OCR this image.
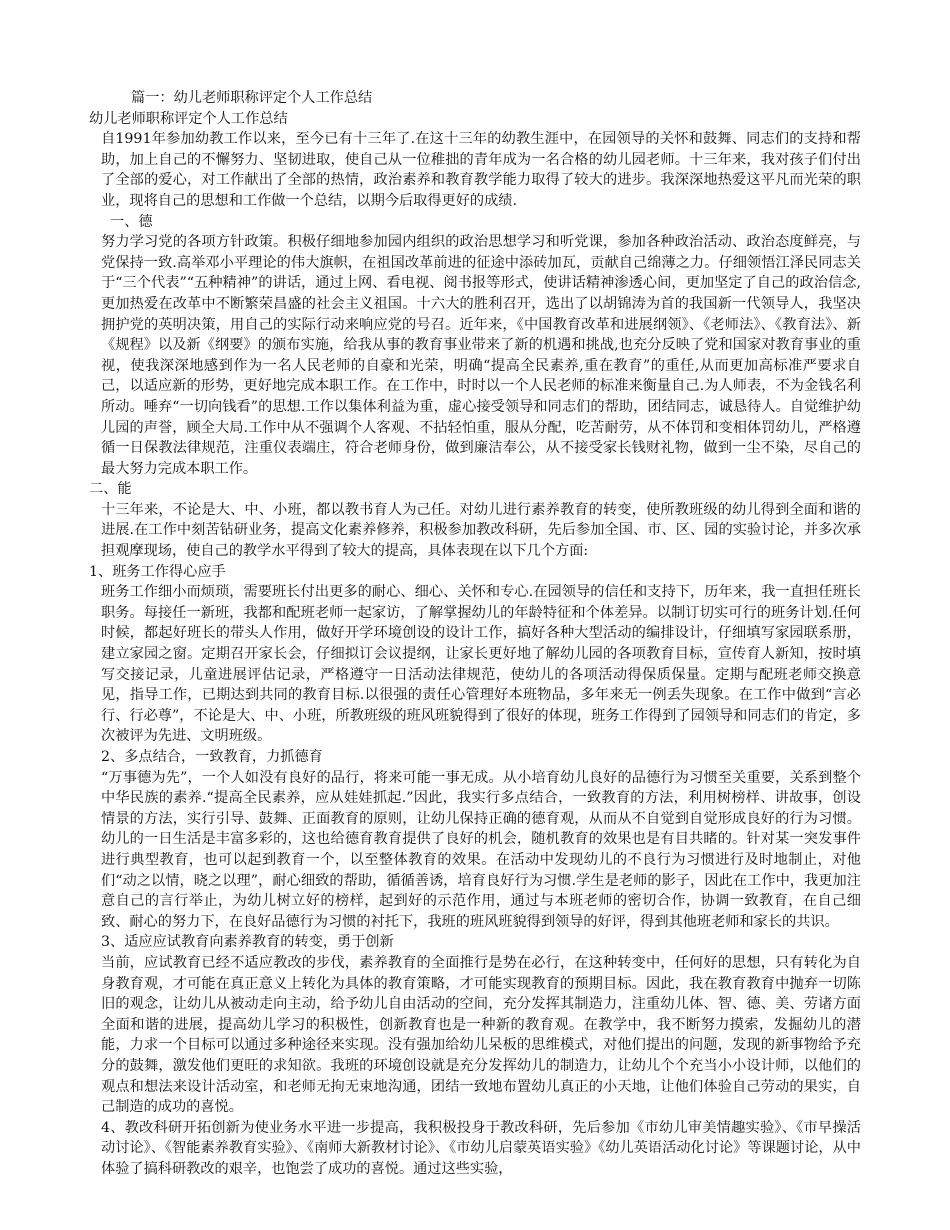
篇一：幼儿老师职称评定个人工作总结

幼儿老师职称评定个人工作总结

自1991年参加幼教工作以来，至今已有十三年了.在这十三年的幼教生涯中，在园领导的关怀和鼓舞、同志们的支持和帮助，加上自己的不懈努力、坚韧进取，使自己从一位稚拙的青年成为一名合格的幼儿园老师。十三年来，我对孩子们付出了全部的爱心，对工作献出了全部的热情，政治素养和教育教学能力取得了较大的进步。我深深地热爱这平凡而光荣的职业，现将自己的思想和工作做一个总结，以期今后取得更好的成绩.

一、德

努力学习党的各项方针政策。积极仔细地参加园内组织的政治思想学习和听党课，参加各种政治活动、政治态度鲜亮，与党保持一致.高举邓小平理论的伟大旗帜，在祖国改革前进的征途中添砖加瓦，贡献自己绵薄之力。仔细领悟江泽民同志关于“三个代表”“五种精神”的讲话，通过上网、看电视、阅书报等形式，使讲话精神渗透心间，更加坚定了自己的政治信念,更加热爱在改革中不断繁荣昌盛的社会主义祖国。十六大的胜利召开，选出了以胡锦涛为首的我国新一代领导人，我坚决拥护党的英明决策，用自己的实际行动来响应党的号召。近年来，《中国教育改革和进展纲领》、《老师法》、《教育法》、新《规程》以及新《纲要》的颁布实施，给我从事的教育事业带来了新的机遇和挑战,也充分反映了党和国家对教育事业的重视，使我深深地感到作为一名人民老师的自豪和光荣，明确“提高全民素养,重在教育”的重任,从而更加高标准严要求自己，以适应新的形势，更好地完成本职工作。在工作中，时时以一个人民老师的标准来衡量自己.为人师表，不为金钱名利所动。唾弃“一切向钱看”的思想.工作以集体利益为重，虚心接受领导和同志们的帮助，团结同志，诚恳待人。自觉维护幼儿园的声誉，顾全大局.工作中从不强调个人客观、不拈轻怕重，服从分配，吃苦耐劳，从不体罚和变相体罚幼儿，严格遵循一日保教法律规范，注重仪表端庄，符合老师身份，做到廉洁奉公，从不接受家长钱财礼物，做到一尘不染，尽自己的最大努力完成本职工作。

二、能

十三年来，不论是大、中、小班，都以教书育人为己任。对幼儿进行素养教育的转变，使所教班级的幼儿得到全面和谐的进展.在工作中刻苦钻研业务，提高文化素养修养，积极参加教改科研，先后参加全国、市、区、园的实验讨论，并多次承担观摩现场，使自己的教学水平得到了较大的提高，具体表现在以下几个方面:

1、班务工作得心应手

班务工作细小而烦琐，需要班长付出更多的耐心、细心、关怀和专心.在园领导的信任和支持下，历年来，我一直担任班长职务。每接任一新班，我都和配班老师一起家访，了解掌握幼儿的年龄特征和个体差异。以制订切实可行的班务计划.任何时候，都起好班长的带头人作用，做好开学环境创设的设计工作，搞好各种大型活动的编排设计，仔细填写家园联系册，建立家园之窗。定期召开家长会，仔细拟订会议提纲，让家长更好地了解幼儿园的各项教育目标，宣传育人新知，按时填写交接记录，儿童进展评估记录，严格遵守一日活动法律规范，使幼儿的各项活动得保质保量。定期与配班老师交换意见，指导工作，已期达到共同的教育目标.以很强的责任心管理好本班物品，多年来无一例丢失现象。在工作中做到“言必行、行必尊”，不论是大、中、小班，所教班级的班风班貌得到了很好的体现，班务工作得到了园领导和同志们的肯定，多次被评为先进、文明班级。

2、多点结合，一致教育，力抓德育

“万事德为先”，一个人如没有良好的品行，将来可能一事无成。从小培育幼儿良好的品德行为习惯至关重要，关系到整个中华民族的素养.“提高全民素养，应从娃娃抓起.”因此，我实行多点结合，一致教育的方法，利用树榜样、讲故事，创设情景的方法，实行引导、鼓舞、正面教育的原则，让幼儿保持正确的德育观，从而从不自觉到自觉形成良好的行为习惯。幼儿的一日生活是丰富多彩的，这也给德育教育提供了良好的机会，随机教育的效果也是有目共睹的。针对某一突发事件进行典型教育，也可以起到教育一个，以至整体教育的效果。在活动中发现幼儿的不良行为习惯进行及时地制止，对他们“动之以情，晓之以理”，耐心细致的帮助，循循善诱，培育良好行为习惯.学生是老师的影子，因此在工作中，我更加注意自己的言行举止，为幼儿树立好的榜样，起到好的示范作用，通过与本班老师的密切合作，协调一致教育，在自己细致、耐心的努力下，在良好品德行为习惯的衬托下，我班的班风班貌得到领导的好评，得到其他班老师和家长的共识。

3、适应应试教育向素养教育的转变，勇于创新

当前，应试教育已经不适应教改的步伐，素养教育的全面推行是势在必行，在这种转变中，任何好的思想，只有转化为自身教育观，才可能在真正意义上转化为具体的教育策略，才可能实现教育的预期目标。因此，我在教育教育中抛弃一切陈旧的观念，让幼儿从被动走向主动，给予幼儿自由活动的空间，充分发挥其制造力，注重幼儿体、智、德、美、劳诸方面全面和谐的进展，提高幼儿学习的积极性，创新教育也是一种新的教育观。在教学中，我不断努力摸索，发掘幼儿的潜能，力求一个目标可以通过多种途径来实现。没有强加给幼儿呆板的思维模式，对他们提出的问题，发现的新事物给予充分的鼓舞，激发他们更旺的求知欲。我班的环境创设就是充分发挥幼儿的制造力，让幼儿个个充当小小设计师，以他们的观点和想法来设计活动室，和老师无拘无束地沟通，团结一致地布置幼儿真正的小天地，让他们体验自己劳动的果实，自己制造的成功的喜悦。

4、教改科研开拓创新为使业务水平进一步提高，我积极投身于教改科研，先后参加《市幼儿审美情趣实验》、《市早操活动讨论》、《智能素养教育实验》、《南师大新教材讨论》、《市幼儿启蒙英语实验》《幼儿英语活动化讨论》等课题讨论，从中体验了搞科研教改的艰辛，也饱尝了成功的喜悦。通过这些实验，
